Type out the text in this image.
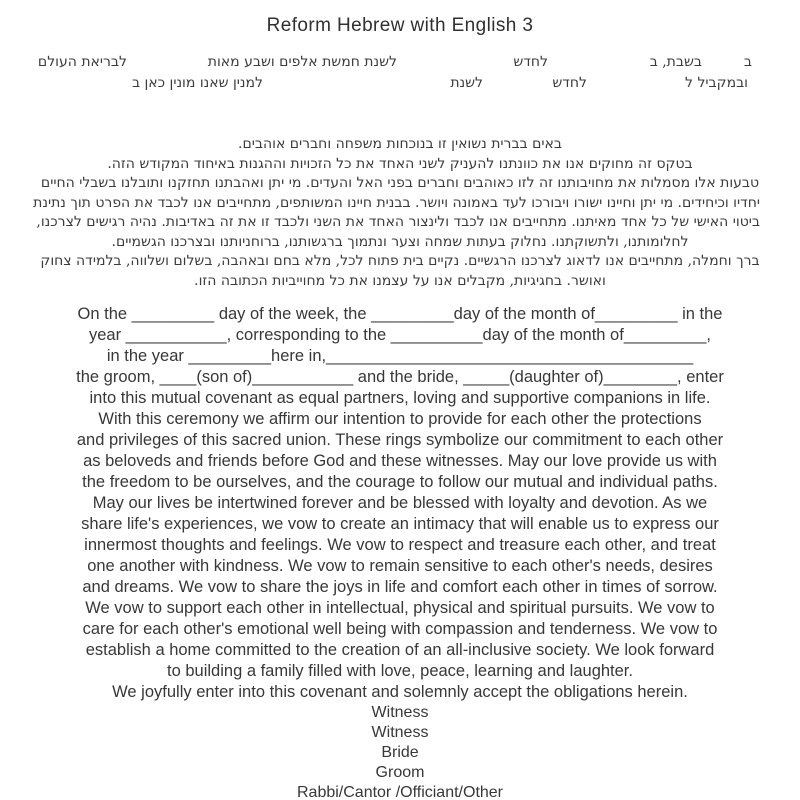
Reform Hebrew with English 3
ב
בשבת, ב
לחדש
לשנת חמשת אלפים ושבע מאות
לבריאת העולם
ובמקביל ל
לחדש
לשנת
למנין שאנו מונין כאן ב
באים בברית נשואין זו בנוכחות משפחה וחברים אוהבים.
בטקס זה מחוקים אנו את כוונתנו להעניק לשני האחד את כל הזכויות וההגנות באיחוד המקודש הזה.
טבעות אלו מסמלות את מחויבותנו זה לזו כאוהבים וחברים בפני האל והעדים. מי יתן ואהבתנו תחזקנו ותובלנו בשבלי החיים
יחדיו וכיחידים. מי יתן וחיינו ישורו ויבורכו לעד באמונה ויושר. בבנית חיינו המשותפים, מתחייבים אנו לכבד את הפרט תוך נתינת
ביטוי האישי של כל אחד מאיתנו. מתחייבים אנו לכבד ולינצור האחד את השני ולכבד זו את זה באדיבות. נהיה רגישים לצרכנו,
לחלומותנו, ולתשוקתנו. נחלוק בעתות שמחה וצער ונתמוך ברגשותנו, ברוחניותנו ובצרכנו הגשמיים.
ברך וחמלה, מתחייבים אנו לדאוג לצרכנו הרגשיים. נקיים בית פתוח לכל, מלא בחם ובאהבה, בשלום ושלווה, בלמידה צחוק
ואושר. בחגיגיות, מקבלים אנו על עצמנו את כל מחוייביות הכתובה הזו.
On the _________ day of the week, the _________day of the month of_________ in the
year ___________, corresponding to the __________day of the month of_________,
in the year _________here in,________________________________________
the groom, ____(son of)___________ and the bride, _____(daughter of)________, enter
into this mutual covenant as equal partners, loving and supportive companions in life.
With this ceremony we affirm our intention to provide for each other the protections
and privileges of this sacred union. These rings symbolize our commitment to each other
as beloveds and friends before God and these witnesses. May our love provide us with
the freedom to be ourselves, and the courage to follow our mutual and individual paths.
May our lives be intertwined forever and be blessed with loyalty and devotion. As we
share life's experiences, we vow to create an intimacy that will enable us to express our
innermost thoughts and feelings. We vow to respect and treasure each other, and treat
one another with kindness. We vow to remain sensitive to each other's needs, desires
and dreams. We vow to share the joys in life and comfort each other in times of sorrow.
We vow to support each other in intellectual, physical and spiritual pursuits. We vow to
care for each other's emotional well being with compassion and tenderness. We vow to
establish a home committed to the creation of an all-inclusive society. We look forward
to building a family filled with love, peace, learning and laughter.
We joyfully enter into this covenant and solemnly accept the obligations herein.
Witness
Witness
Bride
Groom
Rabbi/Cantor /Officiant/Other
